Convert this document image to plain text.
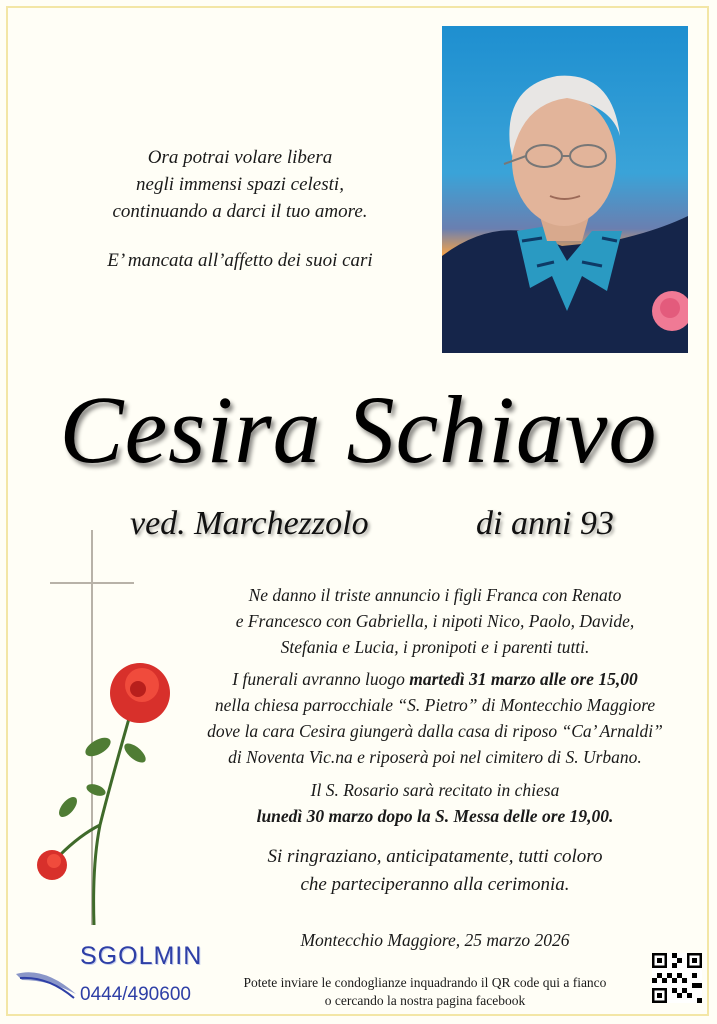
Ora potrai volare libera
negli immensi spazi celesti,
continuando a darci il tuo amore.
E’ mancata all’affetto dei suoi cari
Cesira Schiavo
ved. Marchezzolo	di anni 93
Ne danno il triste annuncio i figli Franca con Renato
e Francesco con Gabriella, i nipoti Nico, Paolo, Davide,
Stefania e Lucia, i pronipoti e i parenti tutti.
I funerali avranno luogo martedì 31 marzo alle ore 15,00
nella chiesa parrocchiale “S. Pietro” di Montecchio Maggiore
dove la cara Cesira giungerà dalla casa di riposo “Ca’ Arnaldi”
di Noventa Vic.na e riposerà poi nel cimitero di S. Urbano.
Il S. Rosario sarà recitato in chiesa
lunedì 30 marzo dopo la S. Messa delle ore 19,00.
Si ringraziano, anticipatamente, tutti coloro
che parteciperanno alla cerimonia.
Montecchio Maggiore, 25 marzo 2026
SGOLMIN
0444/490600
Potete inviare le condoglianze inquadrando il QR code qui a fianco
o cercando la nostra pagina facebook
